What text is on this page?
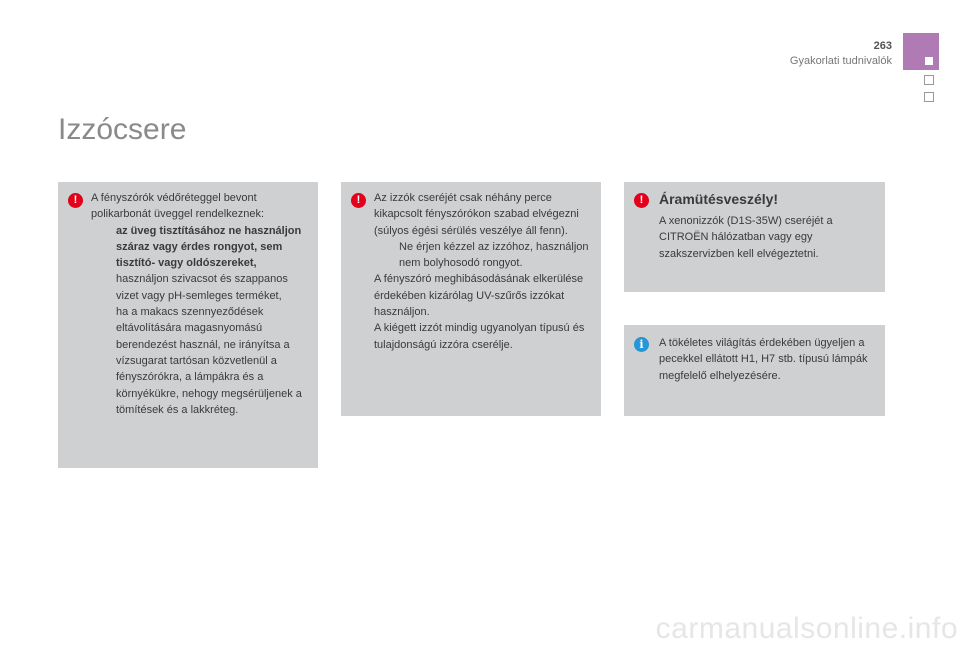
263
Gyakorlati tudnivalók
Izzócsere
!	A fényszórók védőréteggel bevont polikarbonát üveggel rendelkeznek:

az üveg tisztításához ne használjon száraz vagy érdes rongyot, sem tisztító- vagy oldószereket,
használjon szivacsot és szappanos vizet vagy pH-semleges terméket,
ha a makacs szennyeződések eltávolítására magasnyomású berendezést használ, ne irányítsa a vízsugarat tartósan közvetlenül a fényszórókra, a lámpákra és a környékükre, nehogy megsérüljenek a tömítések és a lakkréteg.
!	Az izzók cseréjét csak néhány perce kikapcsolt fényszórókon szabad elvégezni (súlyos égési sérülés veszélye áll fenn).

Ne érjen kézzel az izzóhoz, használjon nem bolyhosodó rongyot.

A fényszóró meghibásodásának elkerülése érdekében kizárólag UV-szűrős izzókat használjon.

A kiégett izzót mindig ugyanolyan típusú és tulajdonságú izzóra cserélje.

!	Áramütésveszély!

A xenonizzók (D1S-35W) cseréjét a CITROËN hálózatban vagy egy szakszervizben kell elvégeztetni.

i	A tökéletes világítás érdekében ügyeljen a pecekkel ellátott H1, H7 stb. típusú lámpák megfelelő elhelyezésére.

carmanualsonline.info
